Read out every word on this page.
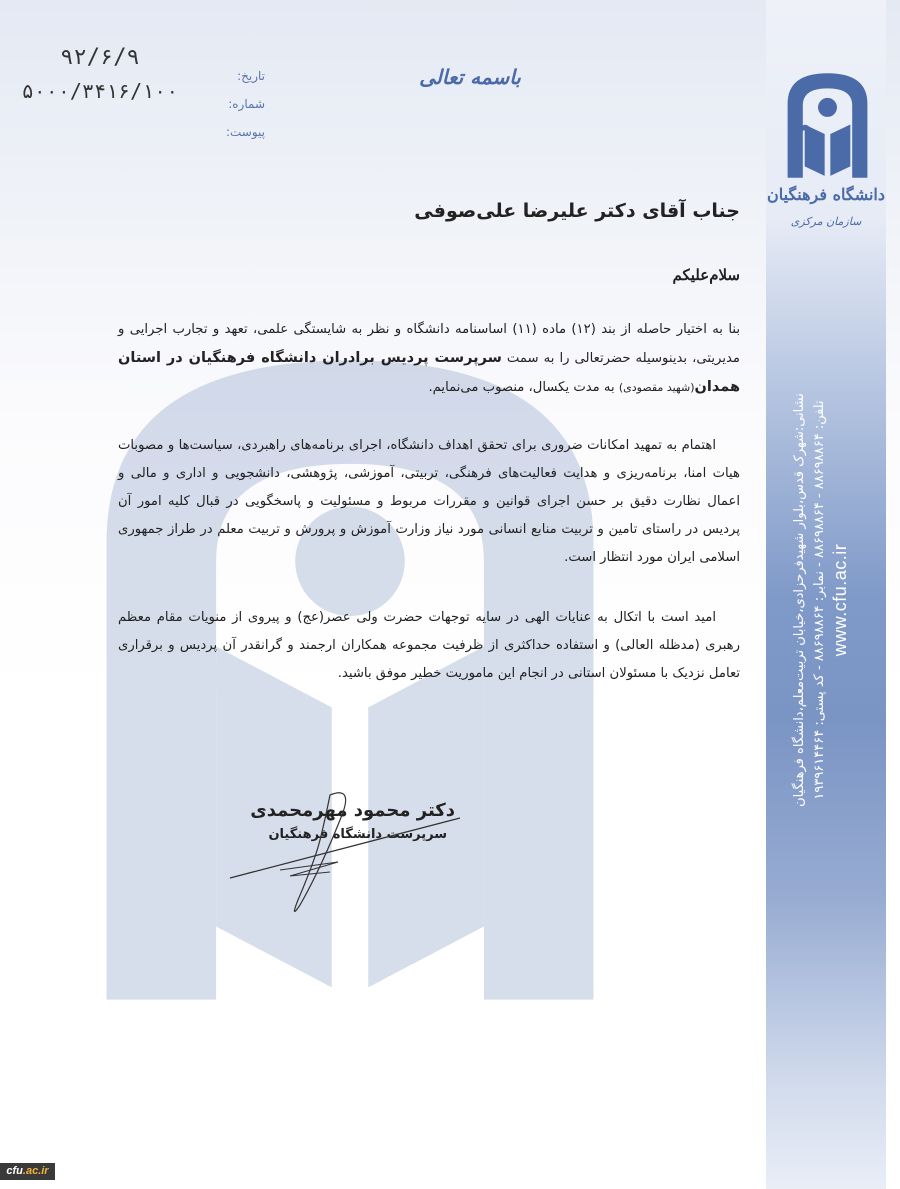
نشانی:شهرک قدس،بلوار شهیدفرحزادی،خیابان تربیت‌معلم،دانشگاه فرهنگیان تلفن: ۸۸۶۹۸۸۶۴ - ۸۸۶۹۸۸۶۴ - نمابر: ۸۸۶۹۸۸۶۴ - کد پستی: ۱۹۳۹۶۱۴۴۶۴
www.cfu.ac.ir
دانشگاه فرهنگیان
سازمان مرکزی
باسمه تعالی
تاریخ:
شماره:
پیوست:
۹۲/۶/۹
۵۰۰۰/۳۴۱۶/۱۰۰
جناب آقای دکتر علیرضا علی‌صوفی
سلام‌علیکم
بنا به اختیار حاصله از بند (۱۲) ماده (۱۱) اساسنامه دانشگاه و نظر به شایستگی علمی، تعهد و تجارب اجرایی و مدیریتی، بدینوسیله حضرتعالی را به سمت سرپرست پردیس برادران دانشگاه فرهنگیان در استان همدان(شهید مقصودی) به مدت یکسال، منصوب می‌نمایم.
اهتمام به تمهید امکانات ضروری برای تحقق اهداف دانشگاه، اجرای برنامه‌های راهبردی، سیاست‌ها و مصوبات هیات امنا، برنامه‌ریزی و هدایت فعالیت‌های فرهنگی، تربیتی، آموزشی، پژوهشی، دانشجویی و اداری و مالی و اعمال نظارت دقیق بر حسن اجرای قوانین و مقررات مربوط و مسئولیت و پاسخگویی در قبال کلیه امور آن پردیس در راستای تامین و تربیت منابع انسانی مورد نیاز وزارت آموزش و پرورش و تربیت معلم در طراز جمهوری اسلامی ایران مورد انتظار است.
امید است با اتکال به عنایات الهی در سایه توجهات حضرت ولی عصر(عج) و پیروی از منویات مقام معظم رهبری (مدظله العالی) و استفاده حداکثری از ظرفیت مجموعه همکاران ارجمند و گرانقدر آن پردیس و برقراری تعامل نزدیک با مسئولان استانی در انجام این ماموریت خطیر موفق باشید.
دکتر محمود مهرمحمدی
سرپرست دانشگاه فرهنگیان
cfu.ac.ir
